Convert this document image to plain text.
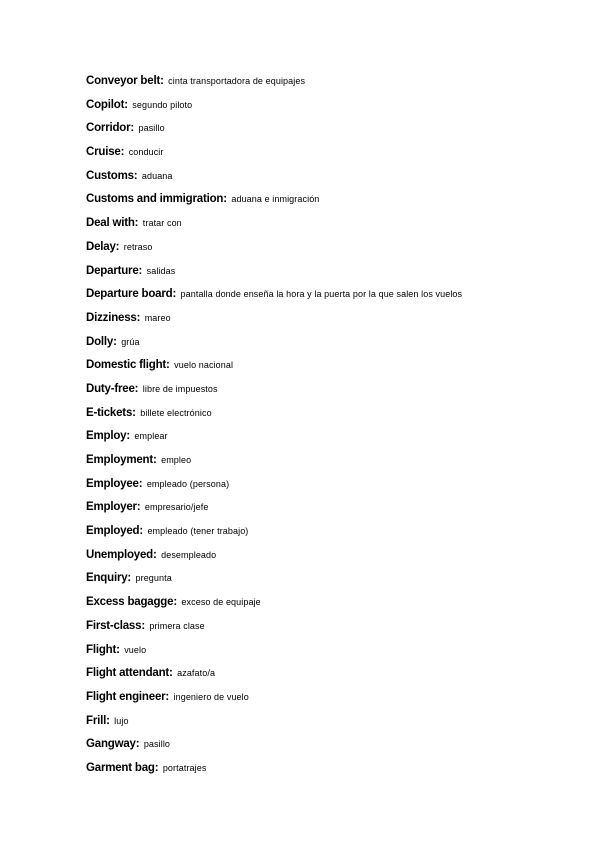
Conveyor belt: cinta transportadora de equipajes
Copilot: segundo piloto
Corridor: pasillo
Cruise: conducir
Customs: aduana
Customs and immigration: aduana e inmigración
Deal with: tratar con
Delay: retraso
Departure: salidas
Departure board: pantalla donde enseña la hora y la puerta por la que salen los vuelos
Dizziness: mareo
Dolly: grúa
Domestic flight: vuelo nacional
Duty-free: libre de impuestos
E-tickets: billete electrónico
Employ: emplear
Employment: empleo
Employee: empleado (persona)
Employer: empresario/jefe
Employed: empleado (tener trabajo)
Unemployed: desempleado
Enquiry: pregunta
Excess bagagge: exceso de equipaje
First-class: primera clase
Flight: vuelo
Flight attendant: azafato/a
Flight engineer: ingeniero de vuelo
Frill: lujo
Gangway: pasillo
Garment bag: portatrajes
